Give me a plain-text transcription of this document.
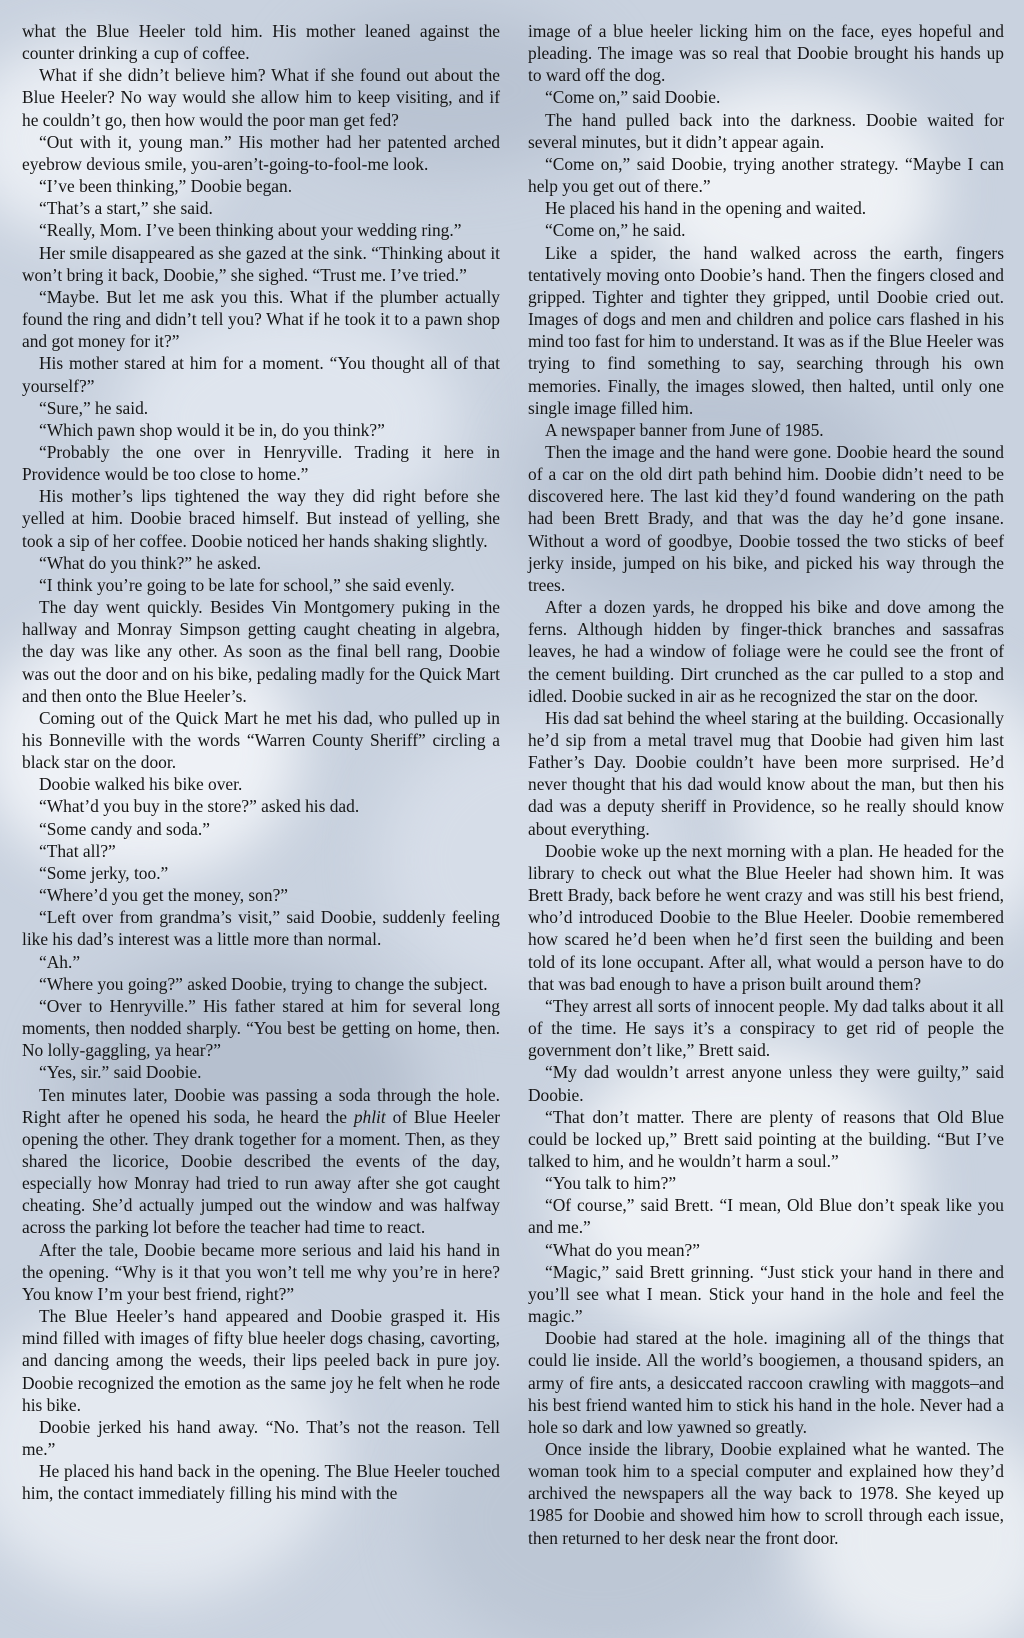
what the Blue Heeler told him. His mother leaned against the counter drinking a cup of coffee.

What if she didn’t believe him? What if she found out about the Blue Heeler? No way would she allow him to keep visiting, and if he couldn’t go, then how would the poor man get fed?

“Out with it, young man.” His mother had her patented arched eyebrow devious smile, you-aren’t-going-to-fool-me look.

“I’ve been thinking,” Doobie began.

“That’s a start,” she said.

“Really, Mom. I’ve been thinking about your wedding ring.”

Her smile disappeared as she gazed at the sink. “Thinking about it won’t bring it back, Doobie,” she sighed. “Trust me. I’ve tried.”

“Maybe. But let me ask you this. What if the plumber actually found the ring and didn’t tell you? What if he took it to a pawn shop and got money for it?”

His mother stared at him for a moment. “You thought all of that yourself?”

“Sure,” he said.

“Which pawn shop would it be in, do you think?”

“Probably the one over in Henryville. Trading it here in Providence would be too close to home.”

His mother’s lips tightened the way they did right before she yelled at him. Doobie braced himself. But instead of yelling, she took a sip of her coffee. Doobie noticed her hands shaking slightly.

“What do you think?” he asked.

“I think you’re going to be late for school,” she said evenly.

The day went quickly. Besides Vin Montgomery puking in the hallway and Monray Simpson getting caught cheating in algebra, the day was like any other. As soon as the final bell rang, Doobie was out the door and on his bike, pedaling madly for the Quick Mart and then onto the Blue Heeler’s.

Coming out of the Quick Mart he met his dad, who pulled up in his Bonneville with the words “Warren County Sheriff” circling a black star on the door.

Doobie walked his bike over.

“What’d you buy in the store?” asked his dad.

“Some candy and soda.”

“That all?”

“Some jerky, too.”

“Where’d you get the money, son?”

“Left over from grandma’s visit,” said Doobie, suddenly feeling like his dad’s interest was a little more than normal.

“Ah.”

“Where you going?” asked Doobie, trying to change the subject.

“Over to Henryville.” His father stared at him for several long moments, then nodded sharply. “You best be getting on home, then. No lolly-gaggling, ya hear?”

“Yes, sir.” said Doobie.

Ten minutes later, Doobie was passing a soda through the hole. Right after he opened his soda, he heard the phlit of Blue Heeler opening the other. They drank together for a moment. Then, as they shared the licorice, Doobie described the events of the day, especially how Monray had tried to run away after she got caught cheating. She’d actually jumped out the window and was halfway across the parking lot before the teacher had time to react.

After the tale, Doobie became more serious and laid his hand in the opening. “Why is it that you won’t tell me why you’re in here? You know I’m your best friend, right?”

The Blue Heeler’s hand appeared and Doobie grasped it. His mind filled with images of fifty blue heeler dogs chasing, cavorting, and dancing among the weeds, their lips peeled back in pure joy. Doobie recognized the emotion as the same joy he felt when he rode his bike.

Doobie jerked his hand away. “No. That’s not the reason. Tell me.”

He placed his hand back in the opening. The Blue Heeler touched him, the contact immediately filling his mind with the

image of a blue heeler licking him on the face, eyes hopeful and pleading. The image was so real that Doobie brought his hands up to ward off the dog.

“Come on,” said Doobie.

The hand pulled back into the darkness. Doobie waited for several minutes, but it didn’t appear again.

“Come on,” said Doobie, trying another strategy. “Maybe I can help you get out of there.”

He placed his hand in the opening and waited.

“Come on,” he said.

Like a spider, the hand walked across the earth, fingers tentatively moving onto Doobie’s hand. Then the fingers closed and gripped. Tighter and tighter they gripped, until Doobie cried out. Images of dogs and men and children and police cars flashed in his mind too fast for him to understand. It was as if the Blue Heeler was trying to find something to say, searching through his own memories. Finally, the images slowed, then halted, until only one single image filled him.

A newspaper banner from June of 1985.

Then the image and the hand were gone. Doobie heard the sound of a car on the old dirt path behind him. Doobie didn’t need to be discovered here. The last kid they’d found wandering on the path had been Brett Brady, and that was the day he’d gone insane. Without a word of goodbye, Doobie tossed the two sticks of beef jerky inside, jumped on his bike, and picked his way through the trees.

After a dozen yards, he dropped his bike and dove among the ferns. Although hidden by finger-thick branches and sassafras leaves, he had a window of foliage were he could see the front of the cement building. Dirt crunched as the car pulled to a stop and idled. Doobie sucked in air as he recognized the star on the door.

His dad sat behind the wheel staring at the building. Occasionally he’d sip from a metal travel mug that Doobie had given him last Father’s Day. Doobie couldn’t have been more surprised. He’d never thought that his dad would know about the man, but then his dad was a deputy sheriff in Providence, so he really should know about everything.

Doobie woke up the next morning with a plan. He headed for the library to check out what the Blue Heeler had shown him. It was Brett Brady, back before he went crazy and was still his best friend, who’d introduced Doobie to the Blue Heeler. Doobie remembered how scared he’d been when he’d first seen the building and been told of its lone occupant. After all, what would a person have to do that was bad enough to have a prison built around them?

“They arrest all sorts of innocent people. My dad talks about it all of the time. He says it’s a conspiracy to get rid of people the government don’t like,” Brett said.

“My dad wouldn’t arrest anyone unless they were guilty,” said Doobie.

“That don’t matter. There are plenty of reasons that Old Blue could be locked up,” Brett said pointing at the building. “But I’ve talked to him, and he wouldn’t harm a soul.”

“You talk to him?”

“Of course,” said Brett. “I mean, Old Blue don’t speak like you and me.”

“What do you mean?”

“Magic,” said Brett grinning. “Just stick your hand in there and you’ll see what I mean. Stick your hand in the hole and feel the magic.”

Doobie had stared at the hole. imagining all of the things that could lie inside. All the world’s boogiemen, a thousand spiders, an army of fire ants, a desiccated raccoon crawling with maggots–and his best friend wanted him to stick his hand in the hole. Never had a hole so dark and low yawned so greatly.

Once inside the library, Doobie explained what he wanted. The woman took him to a special computer and explained how they’d archived the newspapers all the way back to 1978. She keyed up 1985 for Doobie and showed him how to scroll through each issue, then returned to her desk near the front door.
